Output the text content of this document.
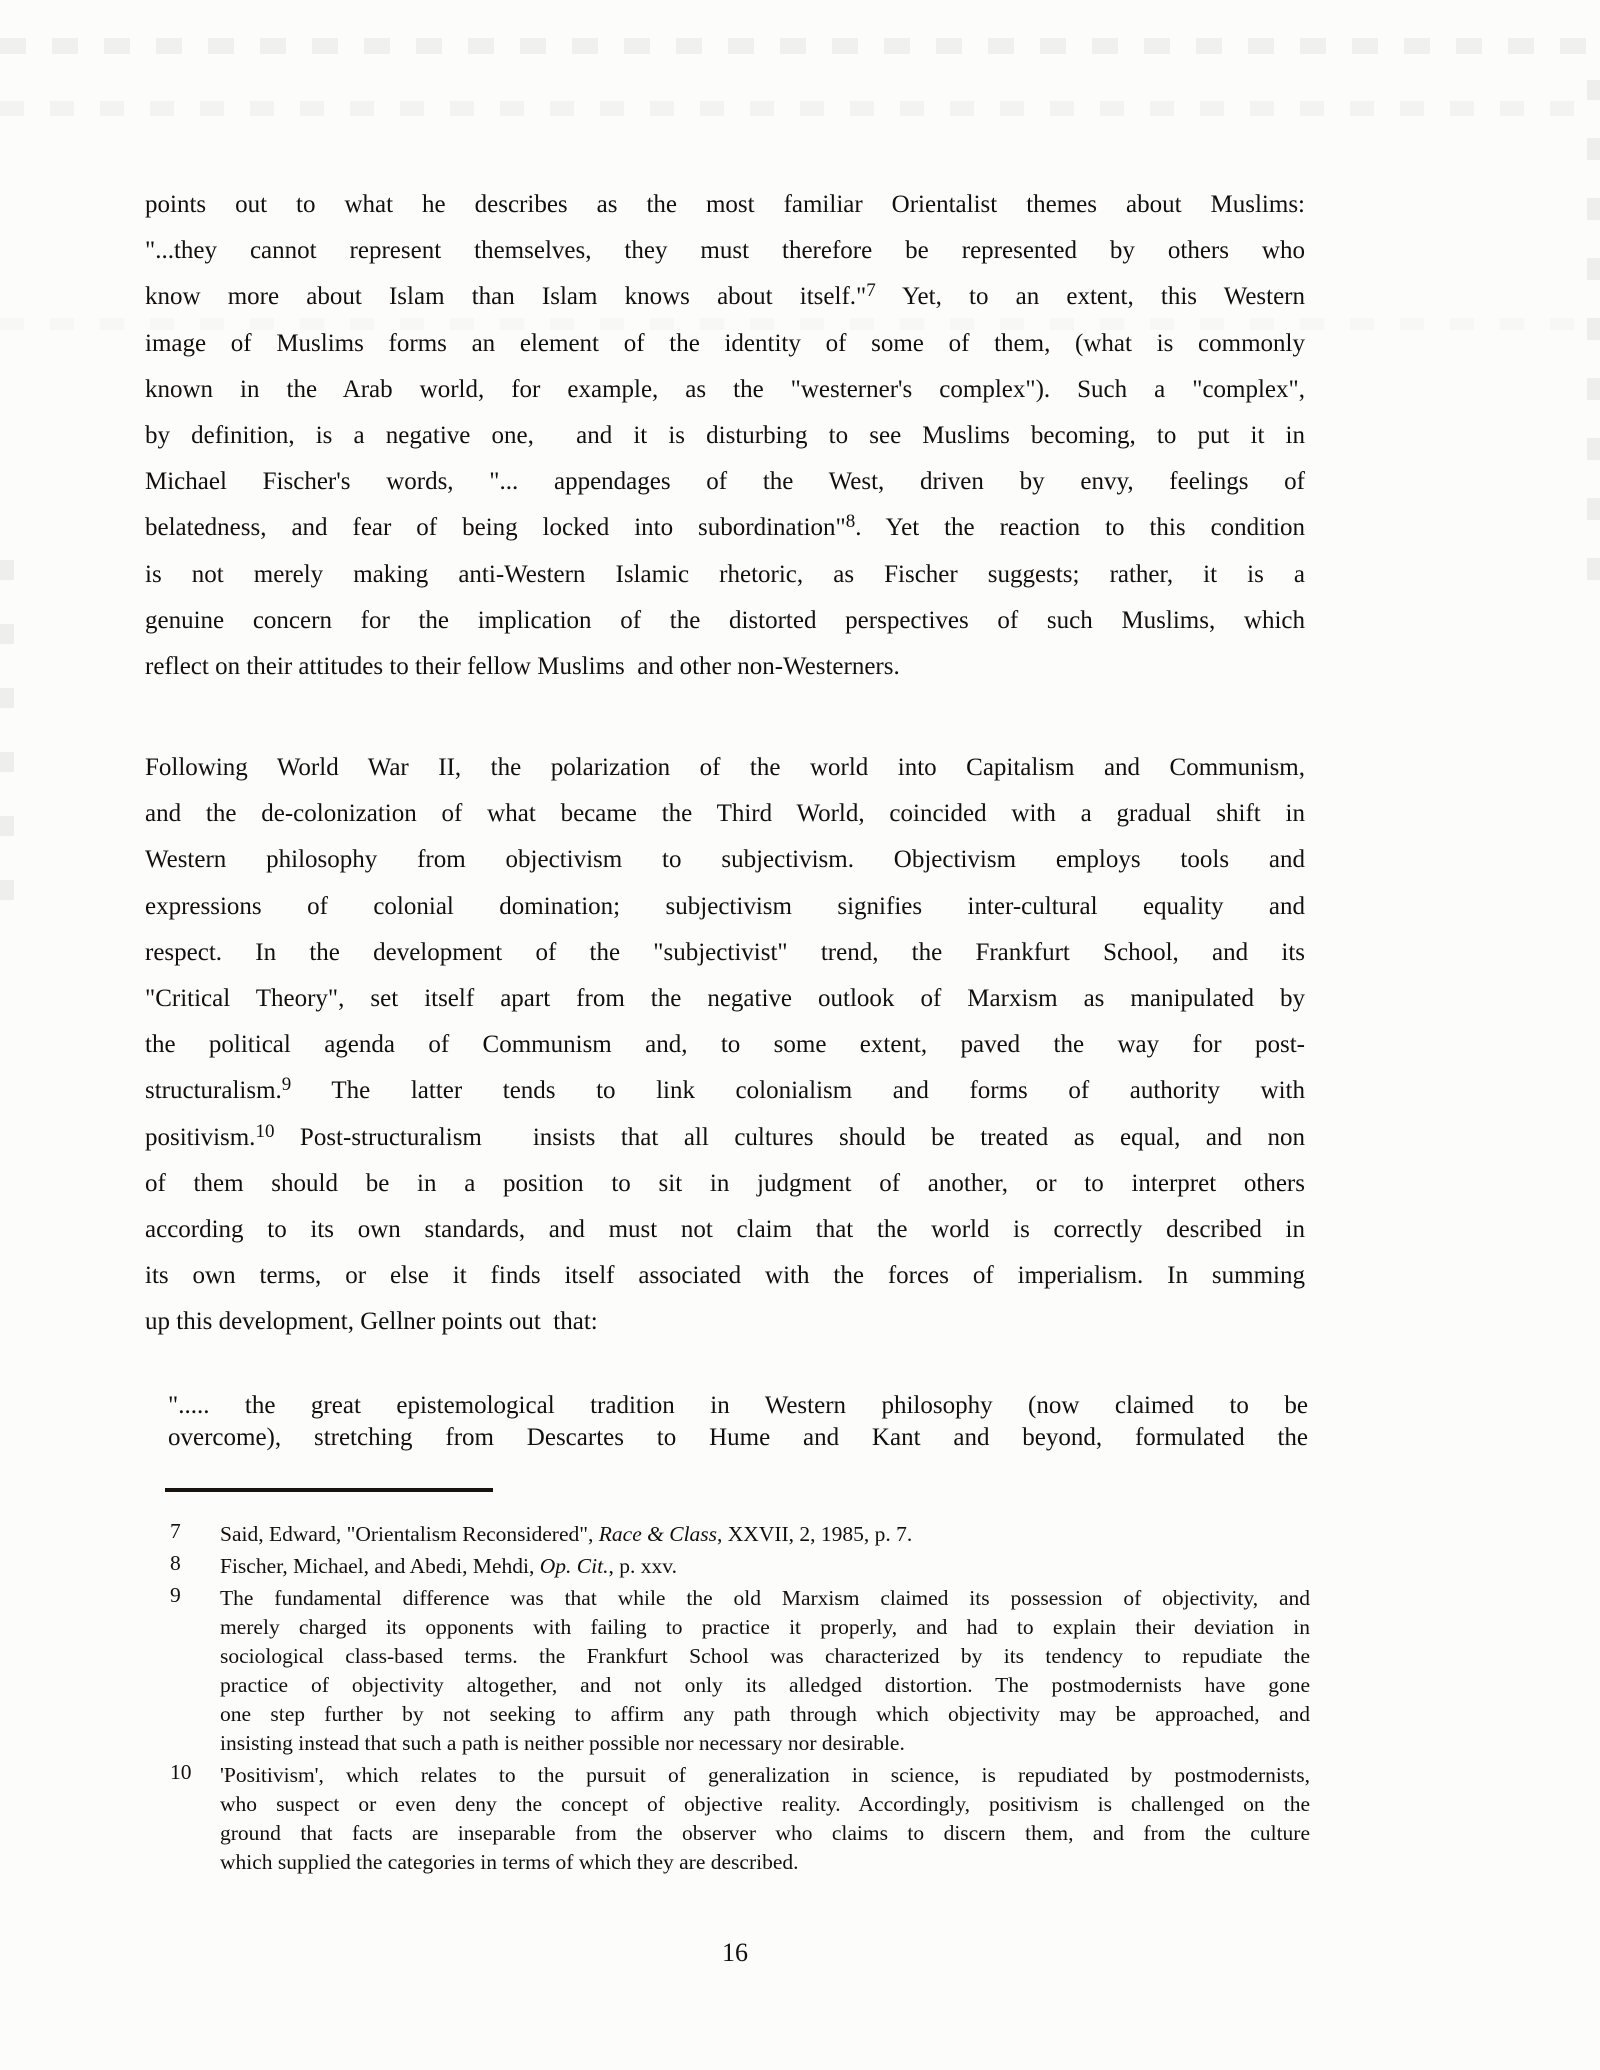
points out to what he describes as the most familiar Orientalist themes about Muslims:
"...they cannot represent themselves, they must therefore be represented by others who
know more about Islam than Islam knows about itself."$^7$ Yet, to an extent, this Western
image of Muslims forms an element of the identity of some of them, (what is commonly
known in the Arab world, for example, as the "westerner's complex"). Such a "complex",
by definition, is a negative one,  and it is disturbing to see Muslims becoming, to put it in
Michael Fischer's words, "... appendages of the West, driven by envy, feelings of
belatedness, and fear of being locked into subordination"$^8$. Yet the reaction to this condition
is not merely making anti-Western Islamic rhetoric, as Fischer suggests; rather, it is a
genuine concern for the implication of the distorted perspectives of such Muslims, which
reflect on their attitudes to their fellow Muslims  and other non-Westerners.
Following World War II, the polarization of the world into Capitalism and Communism,
and the de-colonization of what became the Third World, coincided with a gradual shift in
Western philosophy from objectivism to subjectivism. Objectivism employs tools and
expressions of colonial domination; subjectivism signifies inter-cultural equality and
respect. In the development of the "subjectivist" trend, the Frankfurt School, and its
"Critical Theory", set itself apart from the negative outlook of Marxism as manipulated by
the political agenda of Communism and, to some extent, paved the way for post-
structuralism.$^9$ The latter tends to link colonialism and forms of authority with
positivism.$^{10}$ Post-structuralism  insists that all cultures should be treated as equal, and non
of them should be in a position to sit in judgment of another, or to interpret others
according to its own standards, and must not claim that the world is correctly described in
its own terms, or else it finds itself associated with the forces of imperialism. In summing
up this development, Gellner points out  that:
"..... the great epistemological tradition in Western philosophy (now claimed to be
overcome), stretching from Descartes to Hume and Kant and beyond, formulated the
7 Said, Edward, "Orientalism Reconsidered", Race & Class, XXVII, 2, 1985, p. 7.
8 Fischer, Michael, and Abedi, Mehdi, Op. Cit., p. xxv.
9 The fundamental difference was that while the old Marxism claimed its possession of objectivity, and
merely charged its opponents with failing to practice it properly, and had to explain their deviation in
sociological class-based terms. the Frankfurt School was characterized by its tendency to repudiate the
practice of objectivity altogether, and not only its alledged distortion. The postmodernists have gone
one step further by not seeking to affirm any path through which objectivity may be approached, and
insisting instead that such a path is neither possible nor necessary nor desirable.
10 'Positivism', which relates to the pursuit of generalization in science, is repudiated by postmodernists,
who suspect or even deny the concept of objective reality. Accordingly, positivism is challenged on the
ground that facts are inseparable from the observer who claims to discern them, and from the culture
which supplied the categories in terms of which they are described.
16
